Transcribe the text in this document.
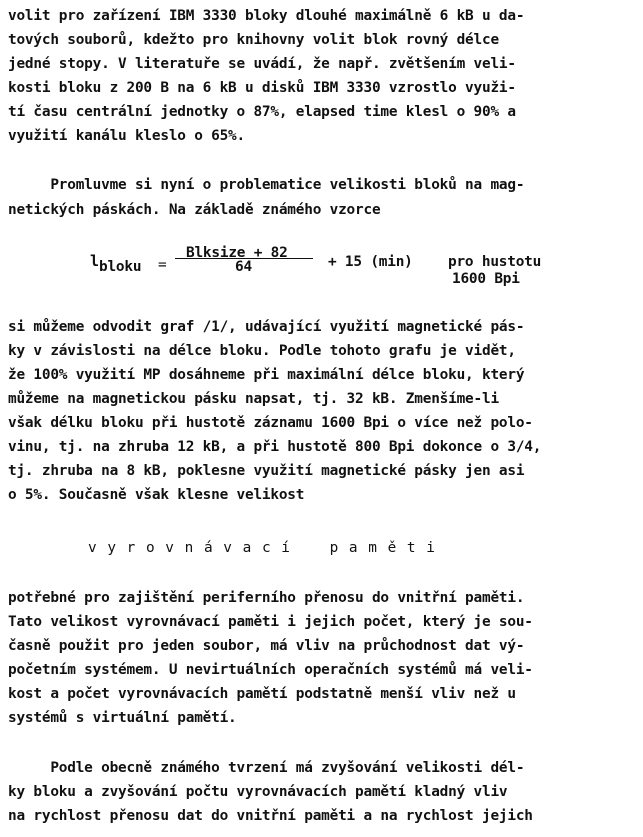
volit pro zařízení IBM 3330 bloky dlouhé maximálně 6 kB u da-
tových souborů, kdežto pro knihovny volit blok rovný délce
jedné stopy. V literatuře se uvádí, že např. zvětšením veli-
kosti bloku z 200 B na 6 kB u disků IBM 3330 vzrostlo využi-
tí času centrální jednotky o 87%, elapsed time klesl o 90% a
využití kanálu kleslo o 65%.
Promluvme si nyní o problematice velikosti bloků na mag-
netických páskách. Na základě známého vzorce
l bloku =
Blksize + 82
64	+ 15 (min) pro hustotu
1600 Bpi
si můžeme odvodit graf /1/, udávající využití magnetické pás-
ky v závislosti na délce bloku. Podle tohoto grafu je vidět,
že 100% využití MP dosáhneme při maximální délce bloku, který
můžeme na magnetickou pásku napsat, tj. 32 kB. Zmenšíme-li
však délku bloku při hustotě záznamu 1600 Bpi o více než polo-
vinu, tj. na zhruba 12 kB, a při hustotě 800 Bpi dokonce o 3/4,
tj. zhruba na 8 kB, poklesne využití magnetické pásky jen asi
o 5%. Současně však klesne velikost
v y r o v n á v a c í    p a m ě t i
potřebné pro zajištění periferního přenosu do vnitřní paměti.
Tato velikost vyrovnávací paměti i jejich počet, který je sou-
časně použit pro jeden soubor, má vliv na průchodnost dat vý-
početním systémem. U nevirtuálních operačních systémů má veli-
kost a počet vyrovnávacích pamětí podstatně menší vliv než u
systémů s virtuální pamětí.
Podle obecně známého tvrzení má zvyšování velikosti dél-
ky bloku a zvyšování počtu vyrovnávacích pamětí kladný vliv
na rychlost přenosu dat do vnitřní paměti a na rychlost jejich
